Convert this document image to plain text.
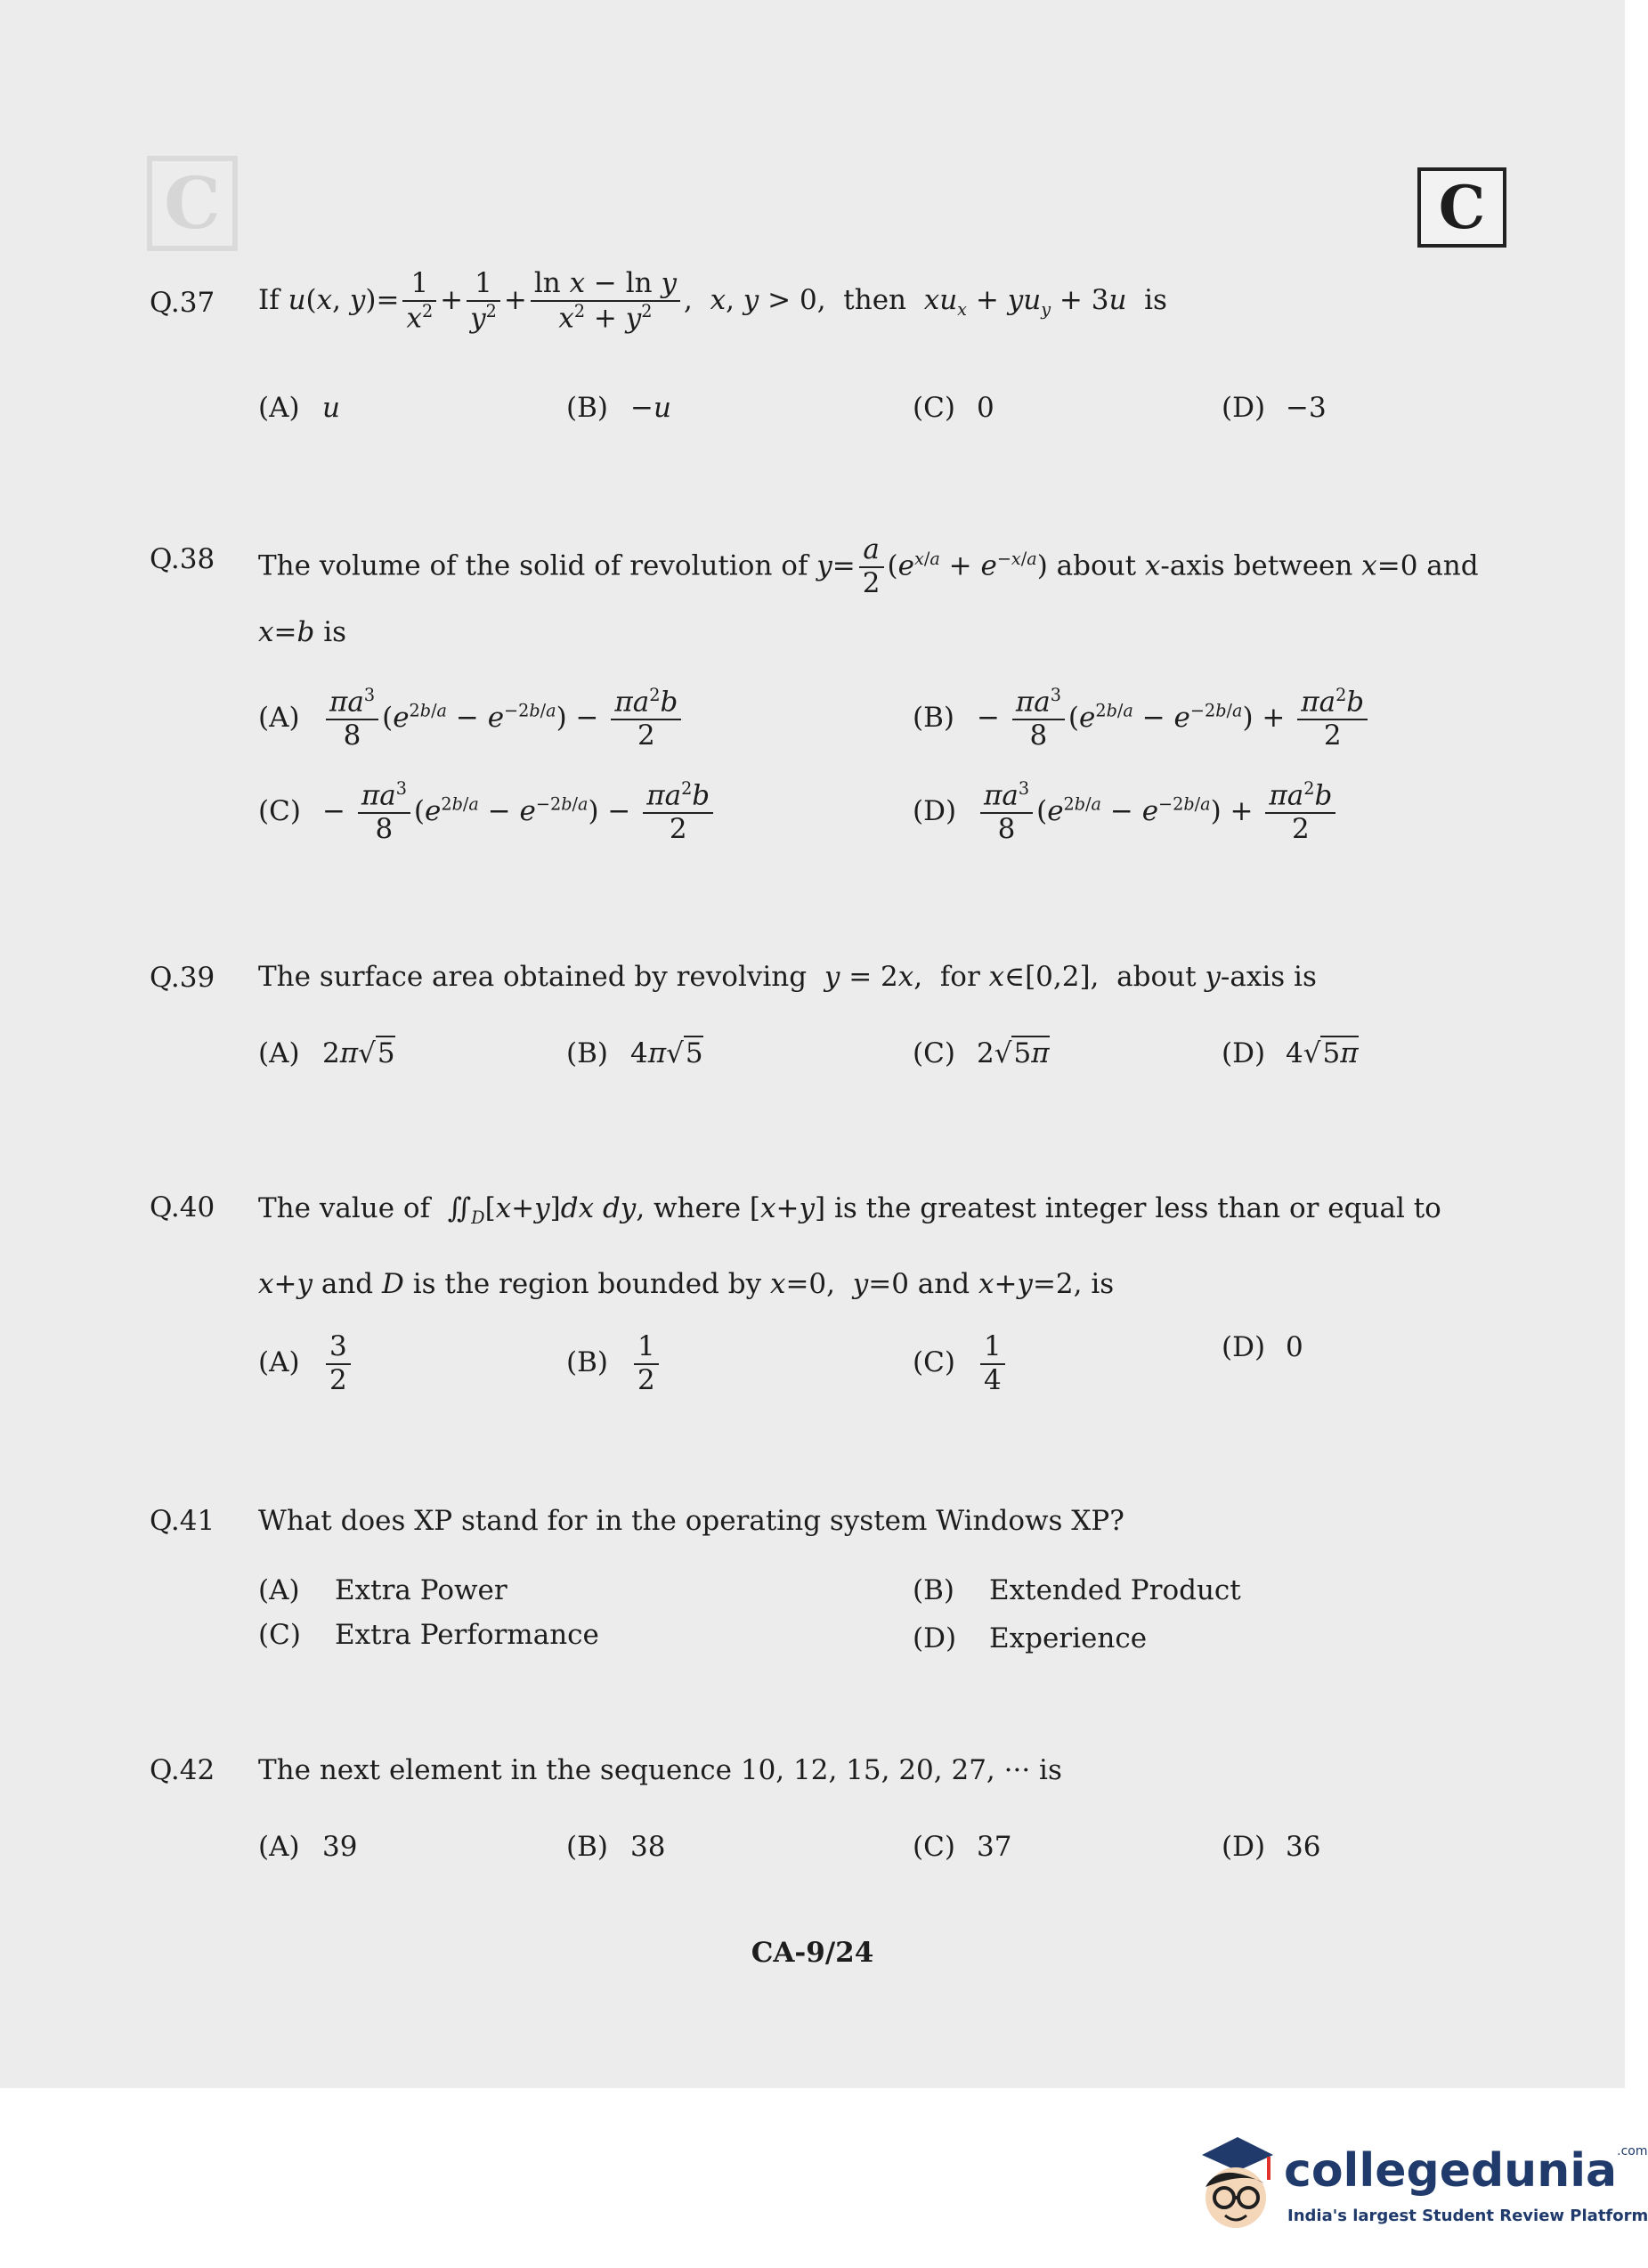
C	C
Q.37 If u(x, $y)= \frac{1}{x^2} + \frac{1}{y^2} + \frac{\text{ln x − ln y}}{x^2 + y^2}$ ,  x, y > 0,  then  $xu_x + yu_y + 3u$  is
(A) u	(B) −u	(C) 0	(D) −3
Q.38 The volume of the solid of revolution of $y= \frac{a}{2} (e^{x/a} + e^{-x/a})$ about x-axis between x=0 and
x=b is
$(A) \frac{\pi a^3}{8} (e^{2b/a} - e^{-2b/a}) - \frac{\pi a^2b}{2}$	$(B) - \frac{\pi a^3}{8} (e^{2b/a} - e^{-2b/a}) + \frac{\pi a^2b}{2}$
$(C) - \frac{\pi a^3}{8} (e^{2b/a} - e^{-2b/a}) - \frac{\pi a^2b}{2}$	$(D) \frac{\pi a^3}{8} (e^{2b/a} - e^{-2b/a}) + \frac{\pi a^2b}{2}$
Q.39 The surface area obtained by revolving y = 2x,  for x∈[0,2],  about y-axis is
(A) 2π√5	(B) 4π√5	(C) 2√5π	(D) 4√5π
Q.40 The value of  $∬_D[x+y]dx$ dy, where [x+y] is the greatest integer less than or equal to
x+y and D is the region bounded by x=0,  y=0 and x+y=2, is
$(A) \frac{3}{2}$	$(B) \frac{1}{2}$	$(C) \frac{1}{4}$	(D) 0
Q.41 What does XP stand for in the operating system Windows XP?
(A) Extra Power	(B) Extended Product
(C) Extra Performance	(D) Experience
Q.42 The next element in the sequence 10, 12, 15, 20, 27, ··· is
(A) 39	(B) 38	(C) 37	(D) 36
CA-9/24
collegedunia$^{.com}$
India's largest Student Review Platform
